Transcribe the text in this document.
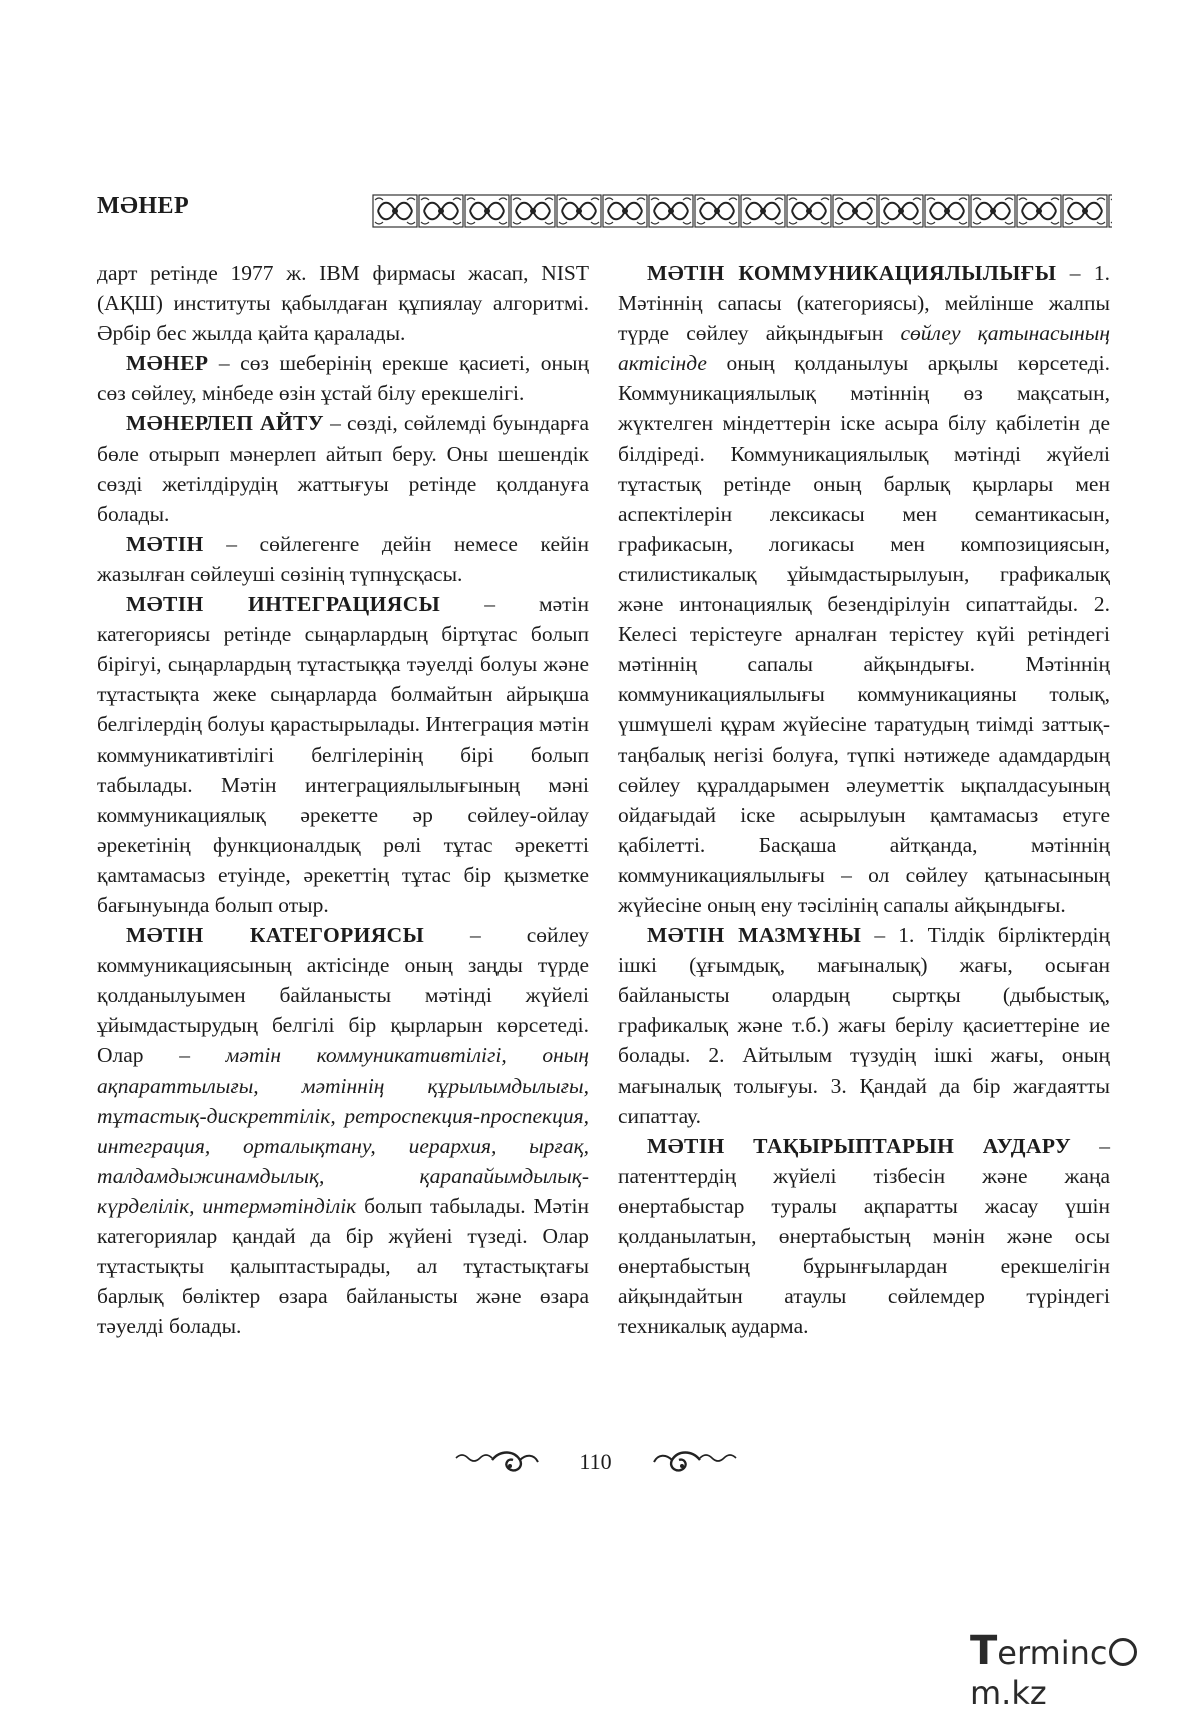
МӘНЕР

дарт ретінде 1977 ж. IBM фирмасы жасап, NIST (АҚШ) институты қабылдаған құпиялау алгоритмі. Әрбір бес жылда қайта қаралады.

МӘНЕР – сөз шеберінің ерекше қасиеті, оның сөз сөйлеу, мінбеде өзін ұстай білу ерекшелігі.

МӘНЕРЛЕП АЙТУ – сөзді, сөйлемді буындарға бөле отырып мәнерлеп айтып беру. Оны шешендік сөзді жетілдірудің жаттығуы ретінде қолдануға болады.

МӘТІН – сөйлегенге дейін немесе кейін жазылған сөйлеуші сөзінің түпнұсқасы.

МӘТІН ИНТЕГРАЦИЯСЫ – мәтін категориясы ретінде сыңарлардың біртұтас болып бірігуі, сыңарлардың тұтастыққа тәуелді болуы және тұтастықта жеке сыңарларда болмайтын айрықша белгілердің болуы қарастырылады. Интеграция мәтін коммуникативтілігі белгілерінің бірі болып табылады. Мәтін интеграциялылығының мәні коммуникациялық әрекетте әр сөйлеу-ойлау әрекетінің функционалдық рөлі тұтас әрекетті қамтамасыз етуінде, әрекеттің тұтас бір қызметке бағынуында болып отыр.

МӘТІН КАТЕГОРИЯСЫ – сөйлеу коммуникациясының актісінде оның заңды түрде қолданылуымен байланысты мәтінді жүйелі ұйымдастырудың белгілі бір қырларын көрсетеді. Олар – мәтін коммуникативтілігі, оның ақпараттылығы, мәтіннің құрылымдылығы, тұтастық-дискреттілік, ретроспекция-проспекция, интеграция, орталықтану, иерархия, ырғақ, талдамдыжинамдылық, қарапайымдылық-күрделілік, интермәтінділік болып табылады. Мәтін категориялар қандай да бір жүйені түзеді. Олар тұтастықты қалыптастырады, ал тұтастықтағы барлық бөліктер өзара байланысты және өзара тәуелді болады.

МӘТІН КОММУНИКАЦИЯЛЫЛЫҒЫ – 1. Мәтіннің сапасы (категориясы), мейлінше жалпы түрде сөйлеу айқындығын сөйлеу қатынасының актісінде оның қолданылуы арқылы көрсетеді. Коммуникациялылық мәтіннің өз мақсатын, жүктелген міндеттерін іске асыра білу қабілетін де білдіреді. Коммуникациялылық мәтінді жүйелі тұтастық ретінде оның барлық қырлары мен аспектілерін лексикасы мен семантикасын, графикасын, логикасы мен композициясын, стилистикалық ұйымдастырылуын, графикалық және интонациялық безендірілуін сипаттайды. 2. Келесі терістеуге арналған терістеу күйі ретіндегі мәтіннің сапалы айқындығы. Мәтіннің коммуникациялылығы коммуникацияны толық, үшмүшелі құрам жүйесіне таратудың тиімді заттық-таңбалық негізі болуға, түпкі нәтижеде адамдардың сөйлеу құралдарымен әлеуметтік ықпалдасуының ойдағыдай іске асырылуын қамтамасыз етуге қабілетті. Басқаша айтқанда, мәтіннің коммуникациялылығы – ол сөйлеу қатынасының жүйесіне оның ену тәсілінің сапалы айқындығы.

МӘТІН МАЗМҰНЫ – 1. Тілдік бірліктердің ішкі (ұғымдық, мағыналық) жағы, осыған байланысты олардың сыртқы (дыбыстық, графикалық және т.б.) жағы берілу қасиеттеріне ие болады. 2. Айтылым түзудің ішкі жағы, оның мағыналық толығуы. 3. Қандай да бір жағдаятты сипаттау.

МӘТІН ТАҚЫРЫПТАРЫН АУДАРУ – патенттердің жүйелі тізбесін және жаңа өнертабыстар туралы ақпаратты жасау үшін қолданылатын, өнертабыстың мәнін және осы өнертабыстың бұрынғылардан ерекшелігін айқындайтын атаулы сөйлемдер түріндегі техникалық аудармa.

110
Termincm.kz
